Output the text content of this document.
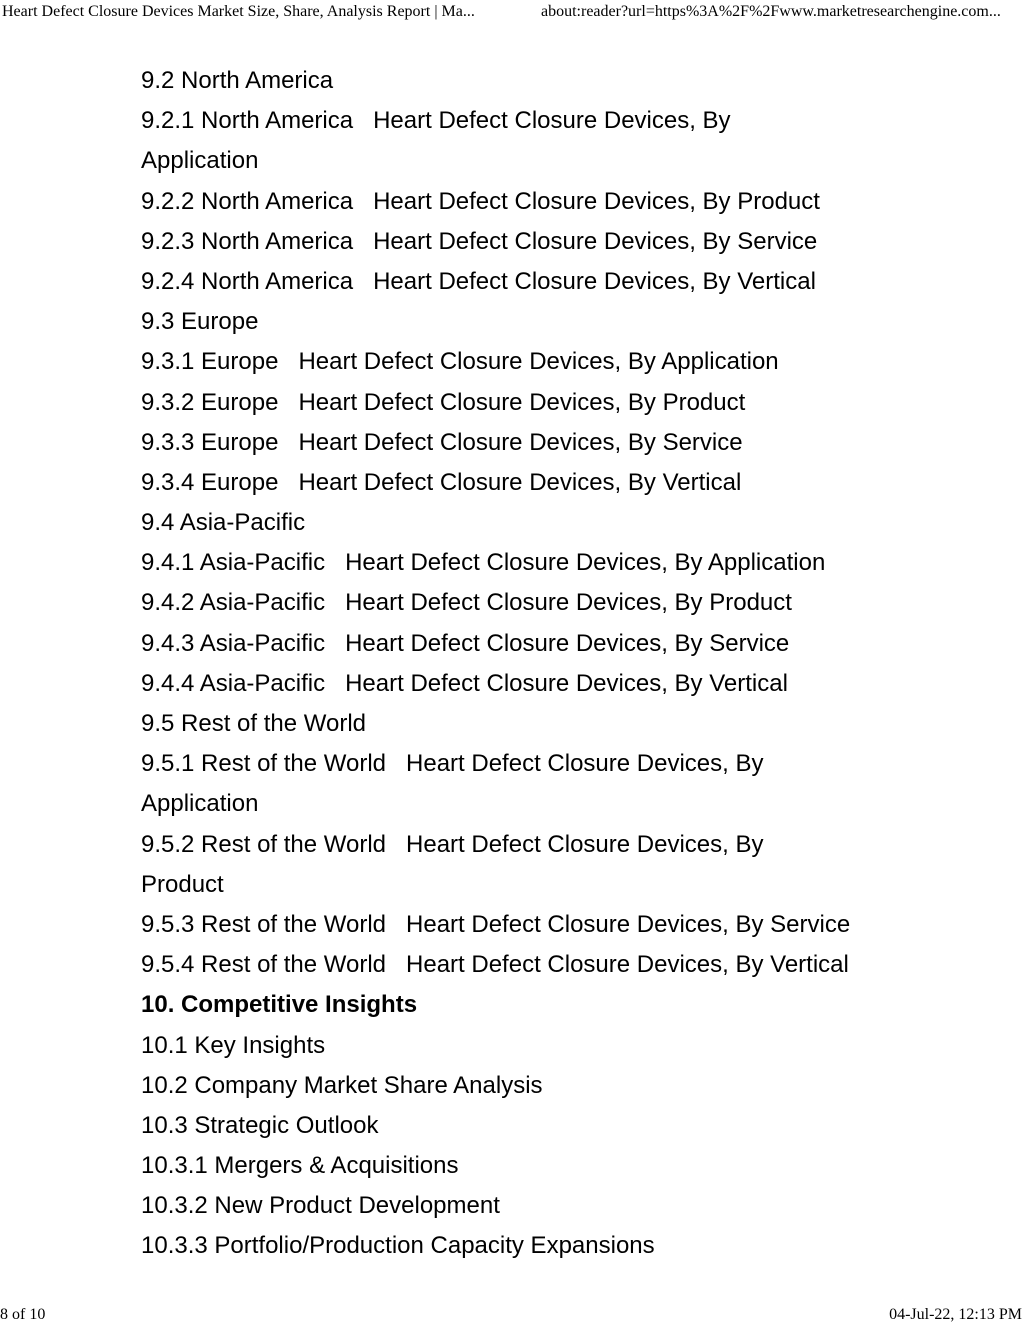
Heart Defect Closure Devices Market Size, Share, Analysis Report | Ma...	about:reader?url=https%3A%2F%2Fwww.marketresearchengine.com...
9.2 North America
9.2.1 North America   Heart Defect Closure Devices, By
Application
9.2.2 North America   Heart Defect Closure Devices, By Product
9.2.3 North America   Heart Defect Closure Devices, By Service
9.2.4 North America   Heart Defect Closure Devices, By Vertical
9.3 Europe
9.3.1 Europe   Heart Defect Closure Devices, By Application
9.3.2 Europe   Heart Defect Closure Devices, By Product
9.3.3 Europe   Heart Defect Closure Devices, By Service
9.3.4 Europe   Heart Defect Closure Devices, By Vertical
9.4 Asia-Pacific
9.4.1 Asia-Pacific   Heart Defect Closure Devices, By Application
9.4.2 Asia-Pacific   Heart Defect Closure Devices, By Product
9.4.3 Asia-Pacific   Heart Defect Closure Devices, By Service
9.4.4 Asia-Pacific   Heart Defect Closure Devices, By Vertical
9.5 Rest of the World
9.5.1 Rest of the World   Heart Defect Closure Devices, By
Application
9.5.2 Rest of the World   Heart Defect Closure Devices, By
Product
9.5.3 Rest of the World   Heart Defect Closure Devices, By Service
9.5.4 Rest of the World   Heart Defect Closure Devices, By Vertical
10. Competitive Insights
10.1 Key Insights
10.2 Company Market Share Analysis
10.3 Strategic Outlook
10.3.1 Mergers & Acquisitions
10.3.2 New Product Development
10.3.3 Portfolio/Production Capacity Expansions
8 of 10	04-Jul-22, 12:13 PM
